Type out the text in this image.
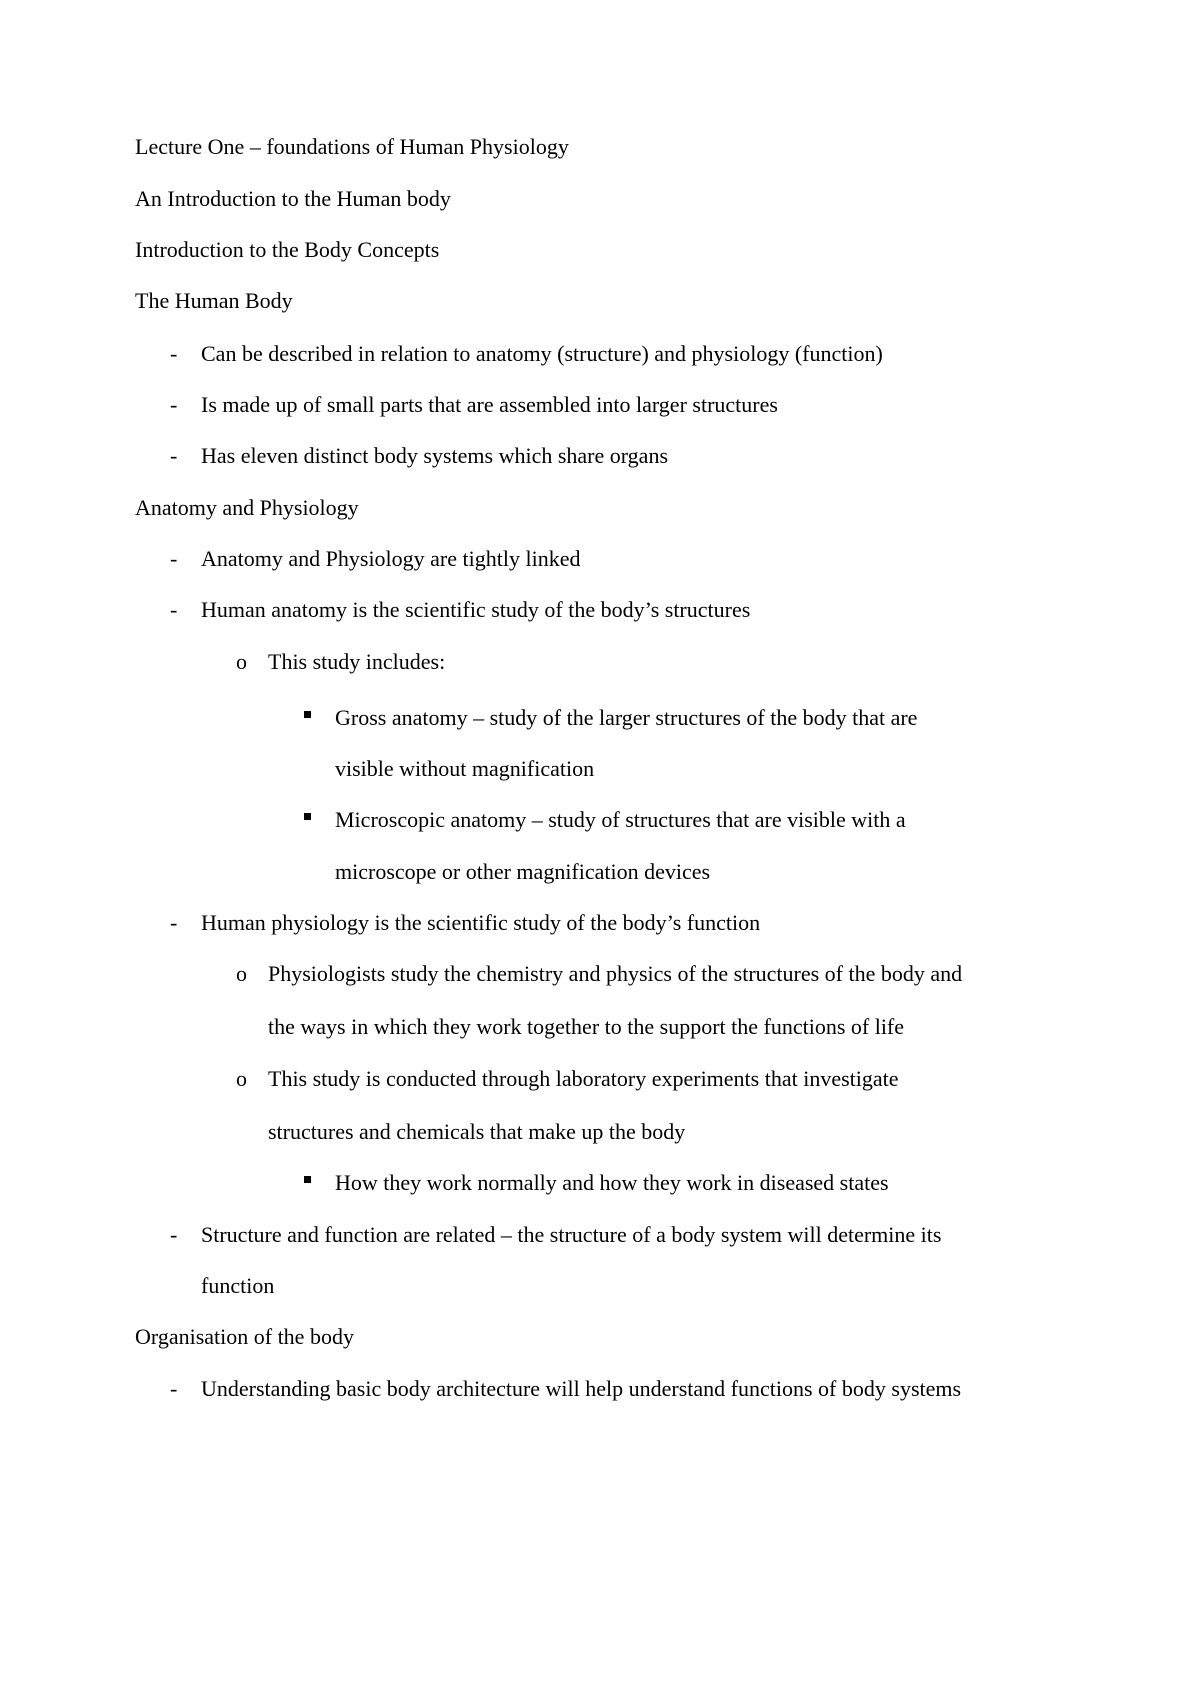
Lecture One – foundations of Human Physiology
An Introduction to the Human body
Introduction to the Body Concepts
The Human Body
- Can be described in relation to anatomy (structure) and physiology (function)

- Is made up of small parts that are assembled into larger structures

- Has eleven distinct body systems which share organs

Anatomy and Physiology
- Anatomy and Physiology are tightly linked

- Human anatomy is the scientific study of the body’s structures

o This study includes:

Gross anatomy – study of the larger structures of the body that are

visible without magnification

Microscopic anatomy – study of structures that are visible with a

microscope or other magnification devices

- Human physiology is the scientific study of the body’s function

o Physiologists study the chemistry and physics of the structures of the body and

the ways in which they work together to the support the functions of life

o This study is conducted through laboratory experiments that investigate

structures and chemicals that make up the body

How they work normally and how they work in diseased states

- Structure and function are related – the structure of a body system will determine its

function

Organisation of the body
- Understanding basic body architecture will help understand functions of body systems
